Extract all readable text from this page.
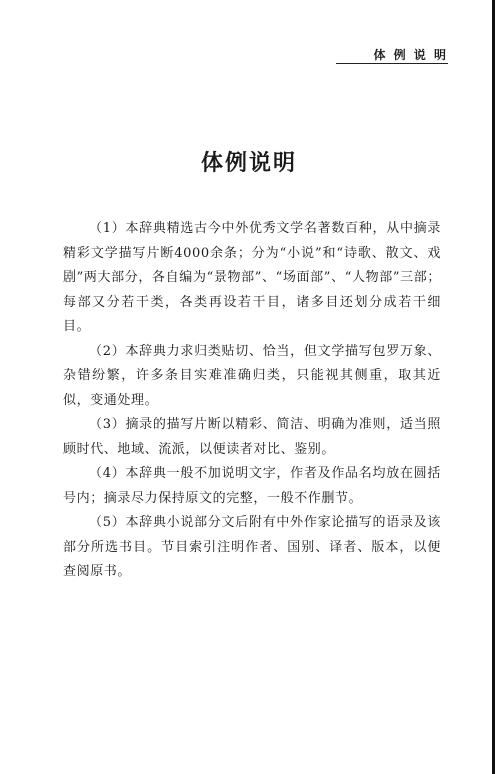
体 例 说 明
体例说明

（1）本辞典精选古今中外优秀文学名著数百种，从中摘录精彩文学描写片断4000余条；分为“小说”和“诗歌、散文、戏剧”两大部分，各自编为“景物部”、“场面部”、“人物部”三部；每部又分若干类，各类再设若干目，诸多目还划分成若干细目。

（2）本辞典力求归类贴切、恰当，但文学描写包罗万象、杂错纷繁，许多条目实难准确归类，只能视其侧重，取其近似，变通处理。

（3）摘录的描写片断以精彩、简洁、明确为准则，适当照顾时代、地域、流派，以便读者对比、鉴别。

（4）本辞典一般不加说明文字，作者及作品名均放在圆括号内；摘录尽力保持原文的完整，一般不作删节。

（5）本辞典小说部分文后附有中外作家论描写的语录及该部分所选书目。节目索引注明作者、国别、译者、版本，以便查阅原书。
